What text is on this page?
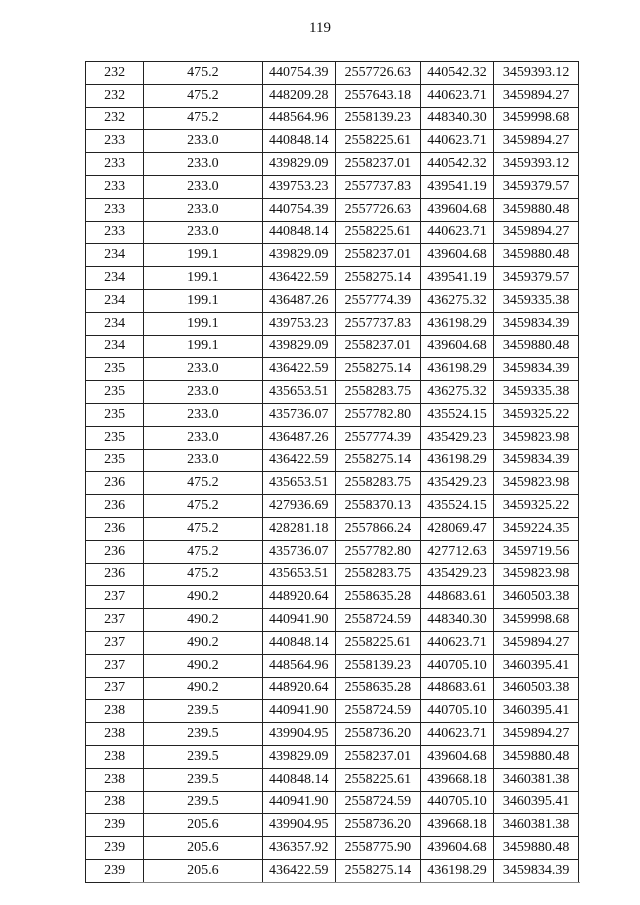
119
232	475.2	440754.39	2557726.63	440542.32	3459393.12
232	475.2	448209.28	2557643.18	440623.71	3459894.27
232	475.2	448564.96	2558139.23	448340.30	3459998.68
233	233.0	440848.14	2558225.61	440623.71	3459894.27
233	233.0	439829.09	2558237.01	440542.32	3459393.12
233	233.0	439753.23	2557737.83	439541.19	3459379.57
233	233.0	440754.39	2557726.63	439604.68	3459880.48
233	233.0	440848.14	2558225.61	440623.71	3459894.27
234	199.1	439829.09	2558237.01	439604.68	3459880.48
234	199.1	436422.59	2558275.14	439541.19	3459379.57
234	199.1	436487.26	2557774.39	436275.32	3459335.38
234	199.1	439753.23	2557737.83	436198.29	3459834.39
234	199.1	439829.09	2558237.01	439604.68	3459880.48
235	233.0	436422.59	2558275.14	436198.29	3459834.39
235	233.0	435653.51	2558283.75	436275.32	3459335.38
235	233.0	435736.07	2557782.80	435524.15	3459325.22
235	233.0	436487.26	2557774.39	435429.23	3459823.98
235	233.0	436422.59	2558275.14	436198.29	3459834.39
236	475.2	435653.51	2558283.75	435429.23	3459823.98
236	475.2	427936.69	2558370.13	435524.15	3459325.22
236	475.2	428281.18	2557866.24	428069.47	3459224.35
236	475.2	435736.07	2557782.80	427712.63	3459719.56
236	475.2	435653.51	2558283.75	435429.23	3459823.98
237	490.2	448920.64	2558635.28	448683.61	3460503.38
237	490.2	440941.90	2558724.59	448340.30	3459998.68
237	490.2	440848.14	2558225.61	440623.71	3459894.27
237	490.2	448564.96	2558139.23	440705.10	3460395.41
237	490.2	448920.64	2558635.28	448683.61	3460503.38
238	239.5	440941.90	2558724.59	440705.10	3460395.41
238	239.5	439904.95	2558736.20	440623.71	3459894.27
238	239.5	439829.09	2558237.01	439604.68	3459880.48
238	239.5	440848.14	2558225.61	439668.18	3460381.38
238	239.5	440941.90	2558724.59	440705.10	3460395.41
239	205.6	439904.95	2558736.20	439668.18	3460381.38
239	205.6	436357.92	2558775.90	439604.68	3459880.48
239	205.6	436422.59	2558275.14	436198.29	3459834.39
